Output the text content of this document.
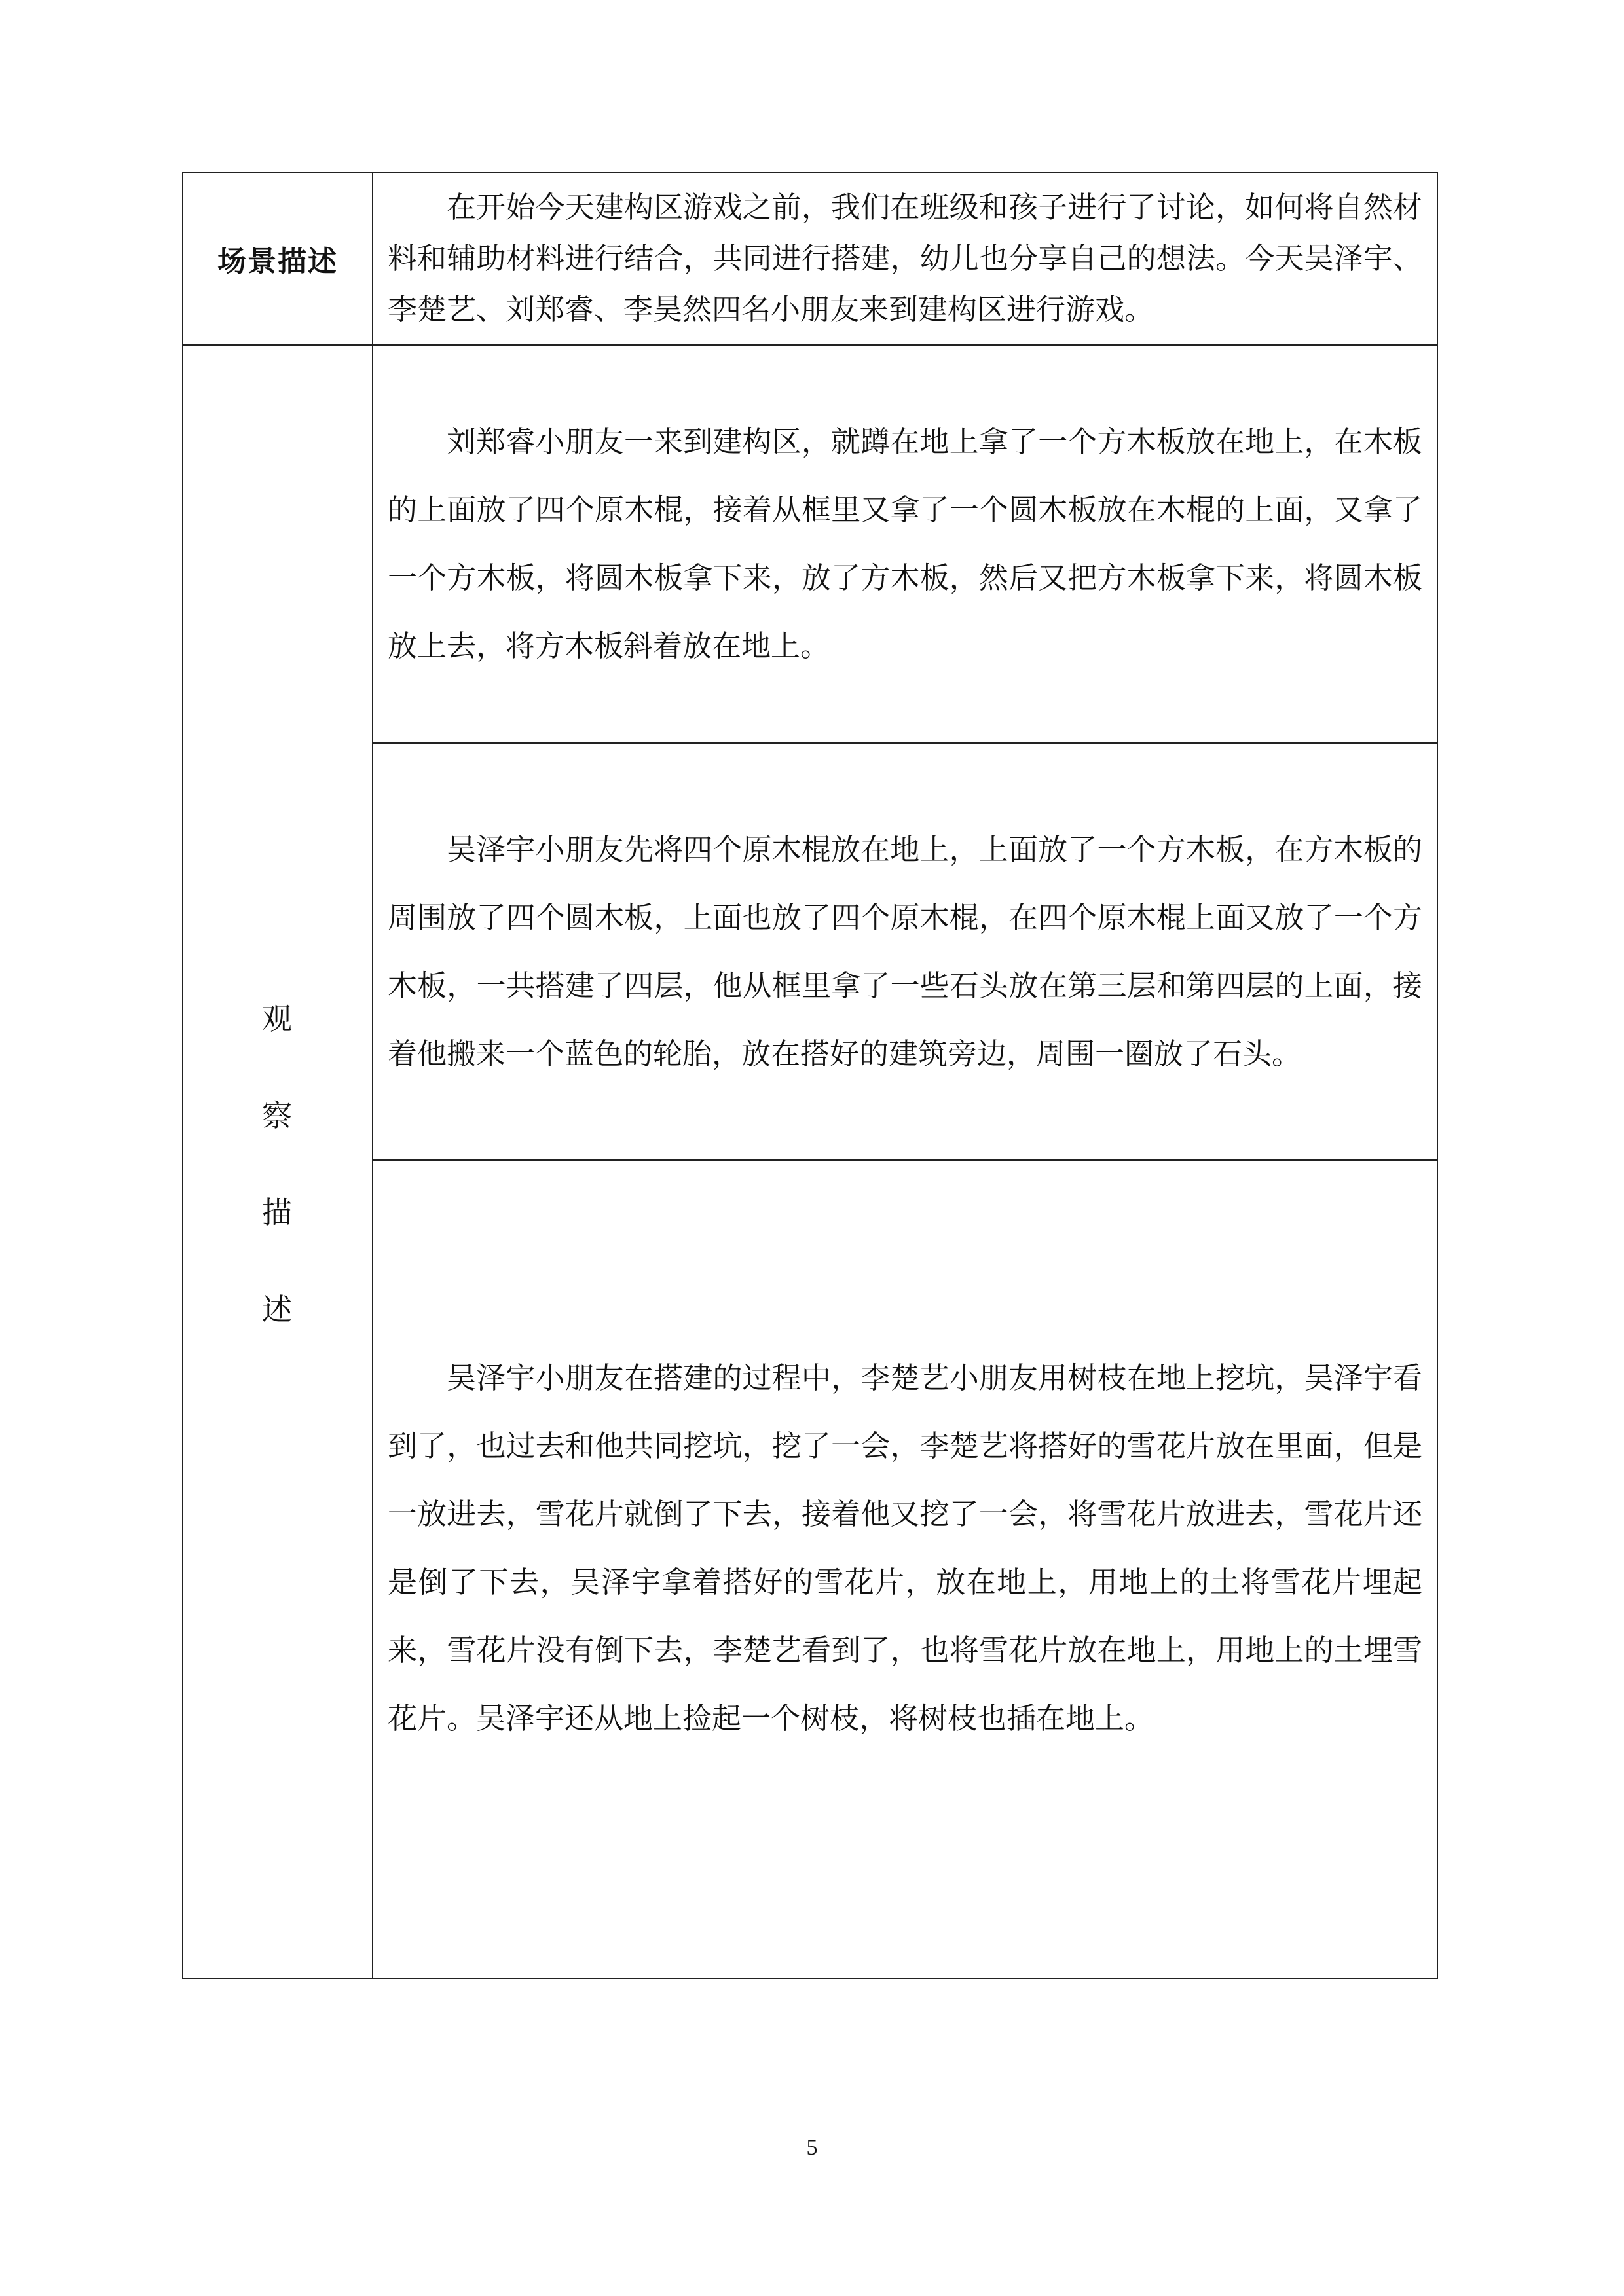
场景描述	在开始今天建构区游戏之前，我们在班级和孩子进行了讨论，如何将自然材料和辅助材料进行结合，共同进行搭建，幼儿也分享自己的想法。今天吴泽宇、李楚艺、刘郑睿、李昊然四名小朋友来到建构区进行游戏。

观
察
描
述	刘郑睿小朋友一来到建构区，就蹲在地上拿了一个方木板放在地上，在木板的上面放了四个原木棍，接着从框里又拿了一个圆木板放在木棍的上面，又拿了一个方木板，将圆木板拿下来，放了方木板，然后又把方木板拿下来，将圆木板放上去，将方木板斜着放在地上。

	吴泽宇小朋友先将四个原木棍放在地上，上面放了一个方木板，在方木板的周围放了四个圆木板，上面也放了四个原木棍，在四个原木棍上面又放了一个方木板，一共搭建了四层，他从框里拿了一些石头放在第三层和第四层的上面，接着他搬来一个蓝色的轮胎，放在搭好的建筑旁边，周围一圈放了石头。

	吴泽宇小朋友在搭建的过程中，李楚艺小朋友用树枝在地上挖坑，吴泽宇看到了，也过去和他共同挖坑，挖了一会，李楚艺将搭好的雪花片放在里面，但是一放进去，雪花片就倒了下去，接着他又挖了一会，将雪花片放进去，雪花片还是倒了下去，吴泽宇拿着搭好的雪花片，放在地上，用地上的土将雪花片埋起来，雪花片没有倒下去，李楚艺看到了，也将雪花片放在地上，用地上的土埋雪花片。吴泽宇还从地上捡起一个树枝，将树枝也插在地上。

5
